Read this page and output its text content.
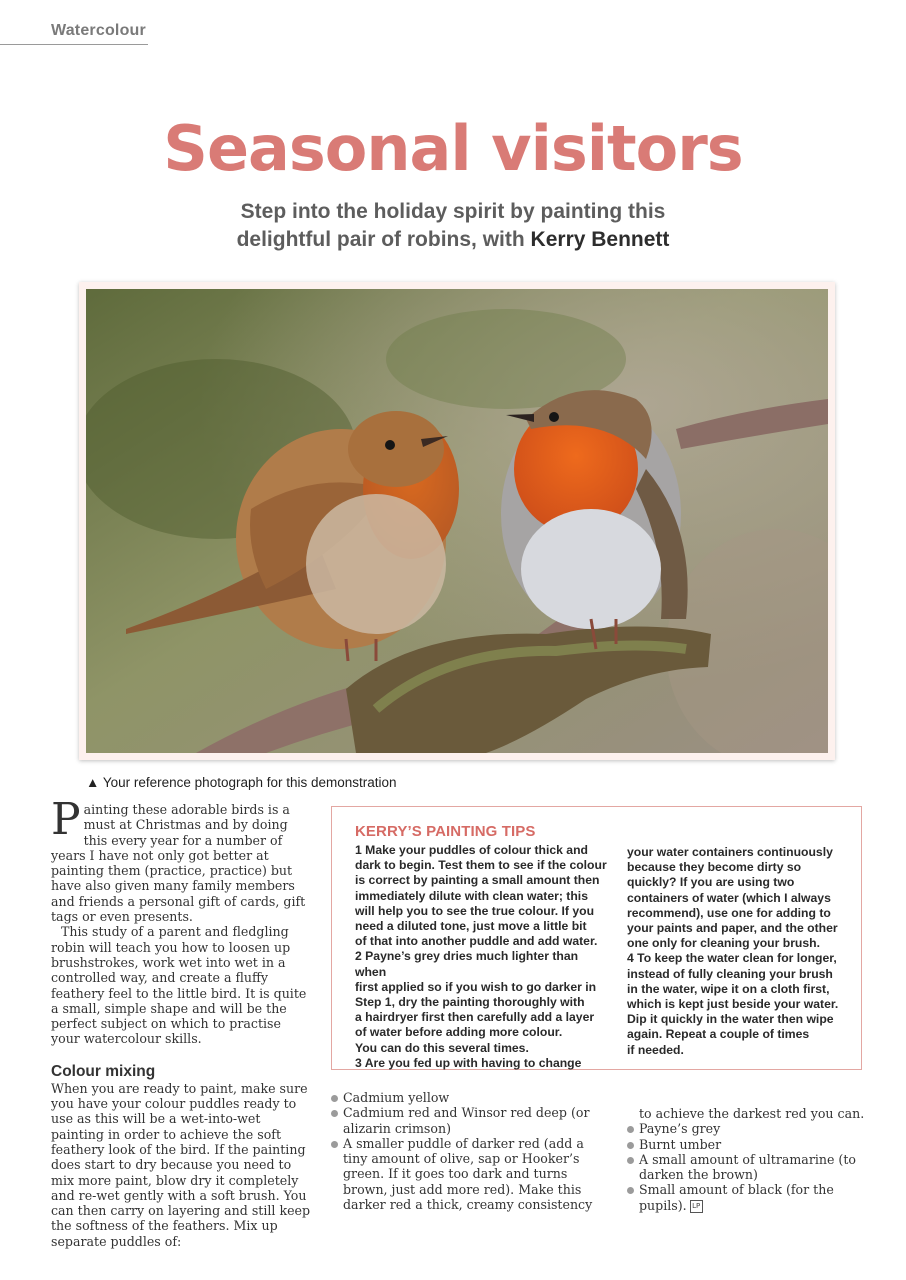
Watercolour
Seasonal visitors
Step into the holiday spirit by painting this
delightful pair of robins, with Kerry Bennett
▲ Your reference photograph for this demonstration

Painting these adorable birds is a must at Christmas and by doing this every year for a number of years I have not only got better at painting them (practice, practice) but have also given many family members and friends a personal gift of cards, gift tags or even presents.

This study of a parent and fledgling robin will teach you how to loosen up brushstrokes, work wet into wet in a controlled way, and create a fluffy feathery feel to the little bird. It is quite a small, simple shape and will be the perfect subject on which to practise your watercolour skills.

Colour mixing

When you are ready to paint, make sure you have your colour puddles ready to use as this will be a wet-into-wet painting in order to achieve the soft feathery look of the bird. If the painting does start to dry because you need to mix more paint, blow dry it completely and re-wet gently with a soft brush. You can then carry on layering and still keep the softness of the feathers. Mix up separate puddles of:

KERRY’S PAINTING TIPS
1 Make your puddles of colour thick and
dark to begin. Test them to see if the colour
is correct by painting a small amount then
immediately dilute with clean water; this
will help you to see the true colour. If you
need a diluted tone, just move a little bit
of that into another puddle and add water.
2 Payne’s grey dries much lighter than when
first applied so if you wish to go darker in
Step 1, dry the painting thoroughly with
a hairdryer first then carefully add a layer
of water before adding more colour.
You can do this several times.
3 Are you fed up with having to change
your water containers continuously
because they become dirty so
quickly? If you are using two
containers of water (which I always
recommend), use one for adding to
your paints and paper, and the other
one only for cleaning your brush.
4 To keep the water clean for longer,
instead of fully cleaning your brush
in the water, wipe it on a cloth first,
which is kept just beside your water.
Dip it quickly in the water then wipe
again. Repeat a couple of times
if needed.
Cadmium yellow
Cadmium red and Winsor red deep (or alizarin crimson)
A smaller puddle of darker red (add a tiny amount of olive, sap or Hooker’s green. If it goes too dark and turns brown, just add more red). Make this darker red a thick, creamy consistency
to achieve the darkest red you can.
Payne’s grey
Burnt umber
A small amount of ultramarine (to darken the brown)
Small amount of black (for the pupils). LP
